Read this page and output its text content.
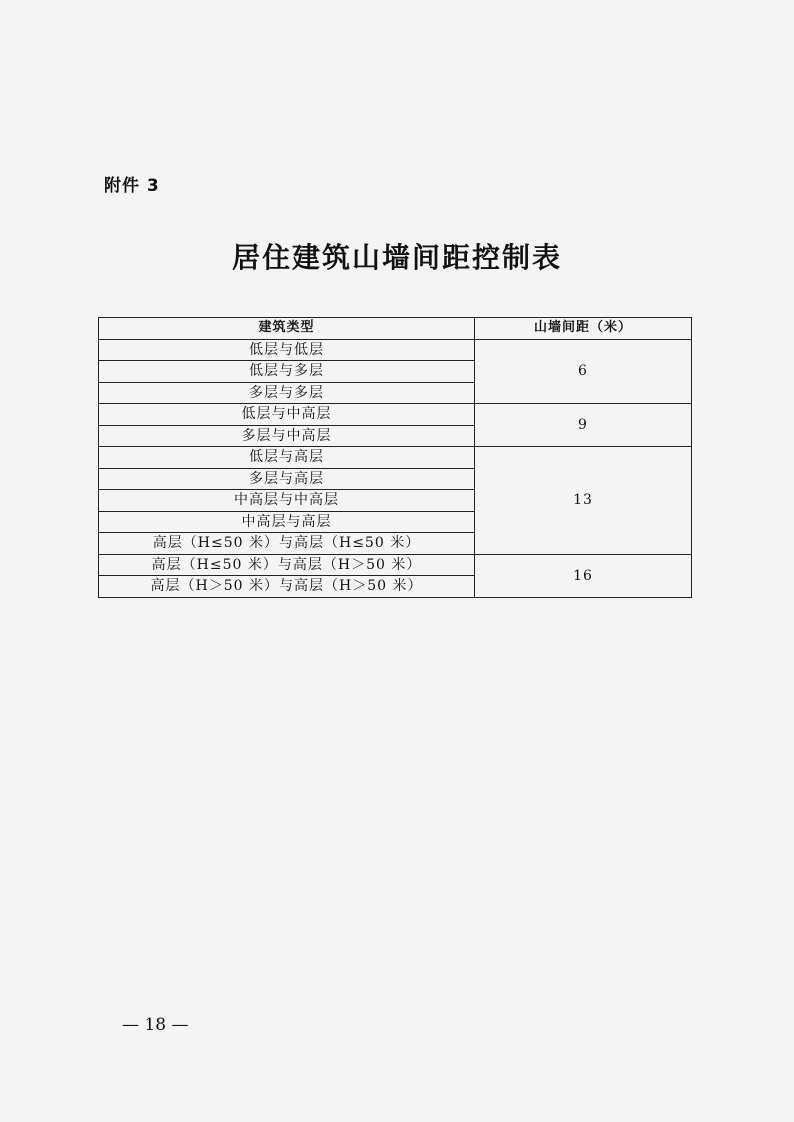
附件 3
居住建筑山墙间距控制表
建筑类型	山墙间距（米）
低层与低层	6
低层与多层	
多层与多层	
低层与中高层	9
多层与中高层	
低层与高层	13
多层与高层	
中高层与中高层	
中高层与高层	
高层（H≤50 米）与高层（H≤50 米）	
高层（H≤50 米）与高层（H＞50 米）	16
高层（H＞50 米）与高层（H＞50 米）	
— 18 —
